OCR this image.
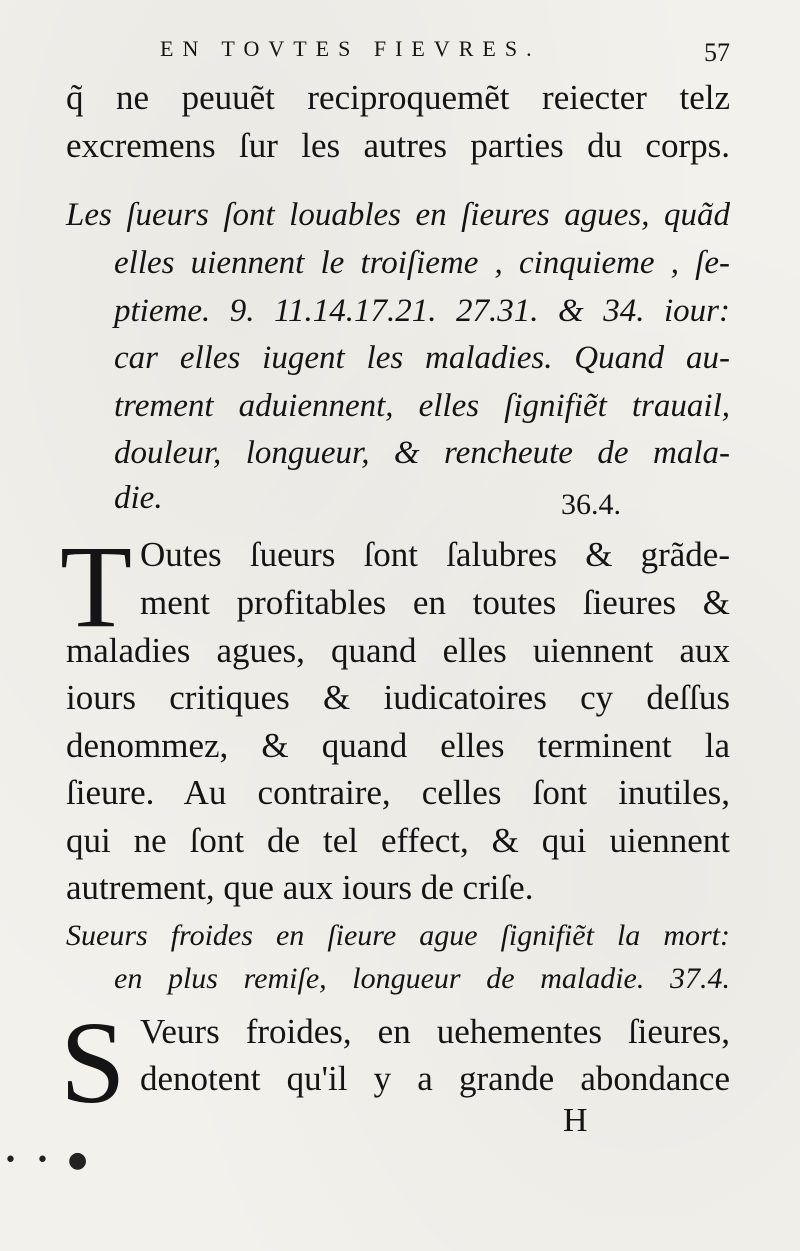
EN TOVTES FIEVRES.	57
q̃ ne peuuẽt reciproquemẽt reiecter telz
excremens ſur les autres parties du corps.
Les ſueurs ſont louables en ſieures agues, quãd
elles uiennent le troiſieme , cinquieme , ſe-
ptieme. 9. 11.14.17.21. 27.31. & 34. iour:
car elles iugent les maladies. Quand au-
trement aduiennent, elles ſignifiẽt trauail,
douleur, longueur, & rencheute de mala-
die.	36.4.
T Outes ſueurs ſont ſalubres & grãde-
ment profitables en toutes ſieures &
maladies agues, quand elles uiennent aux
iours critiques & iudicatoires cy deſſus
denommez, & quand elles terminent la
ſieure. Au contraire, celles ſont inutiles,
qui ne ſont de tel effect, & qui uiennent
autrement, que aux iours de criſe.
Sueurs froides en ſieure ague ſignifiẽt la mort:
en plus remiſe, longueur de maladie. 37.4.
S Veurs froides, en uehementes ſieures,
denotent qu'il y a grande abondance
H
• • ●
